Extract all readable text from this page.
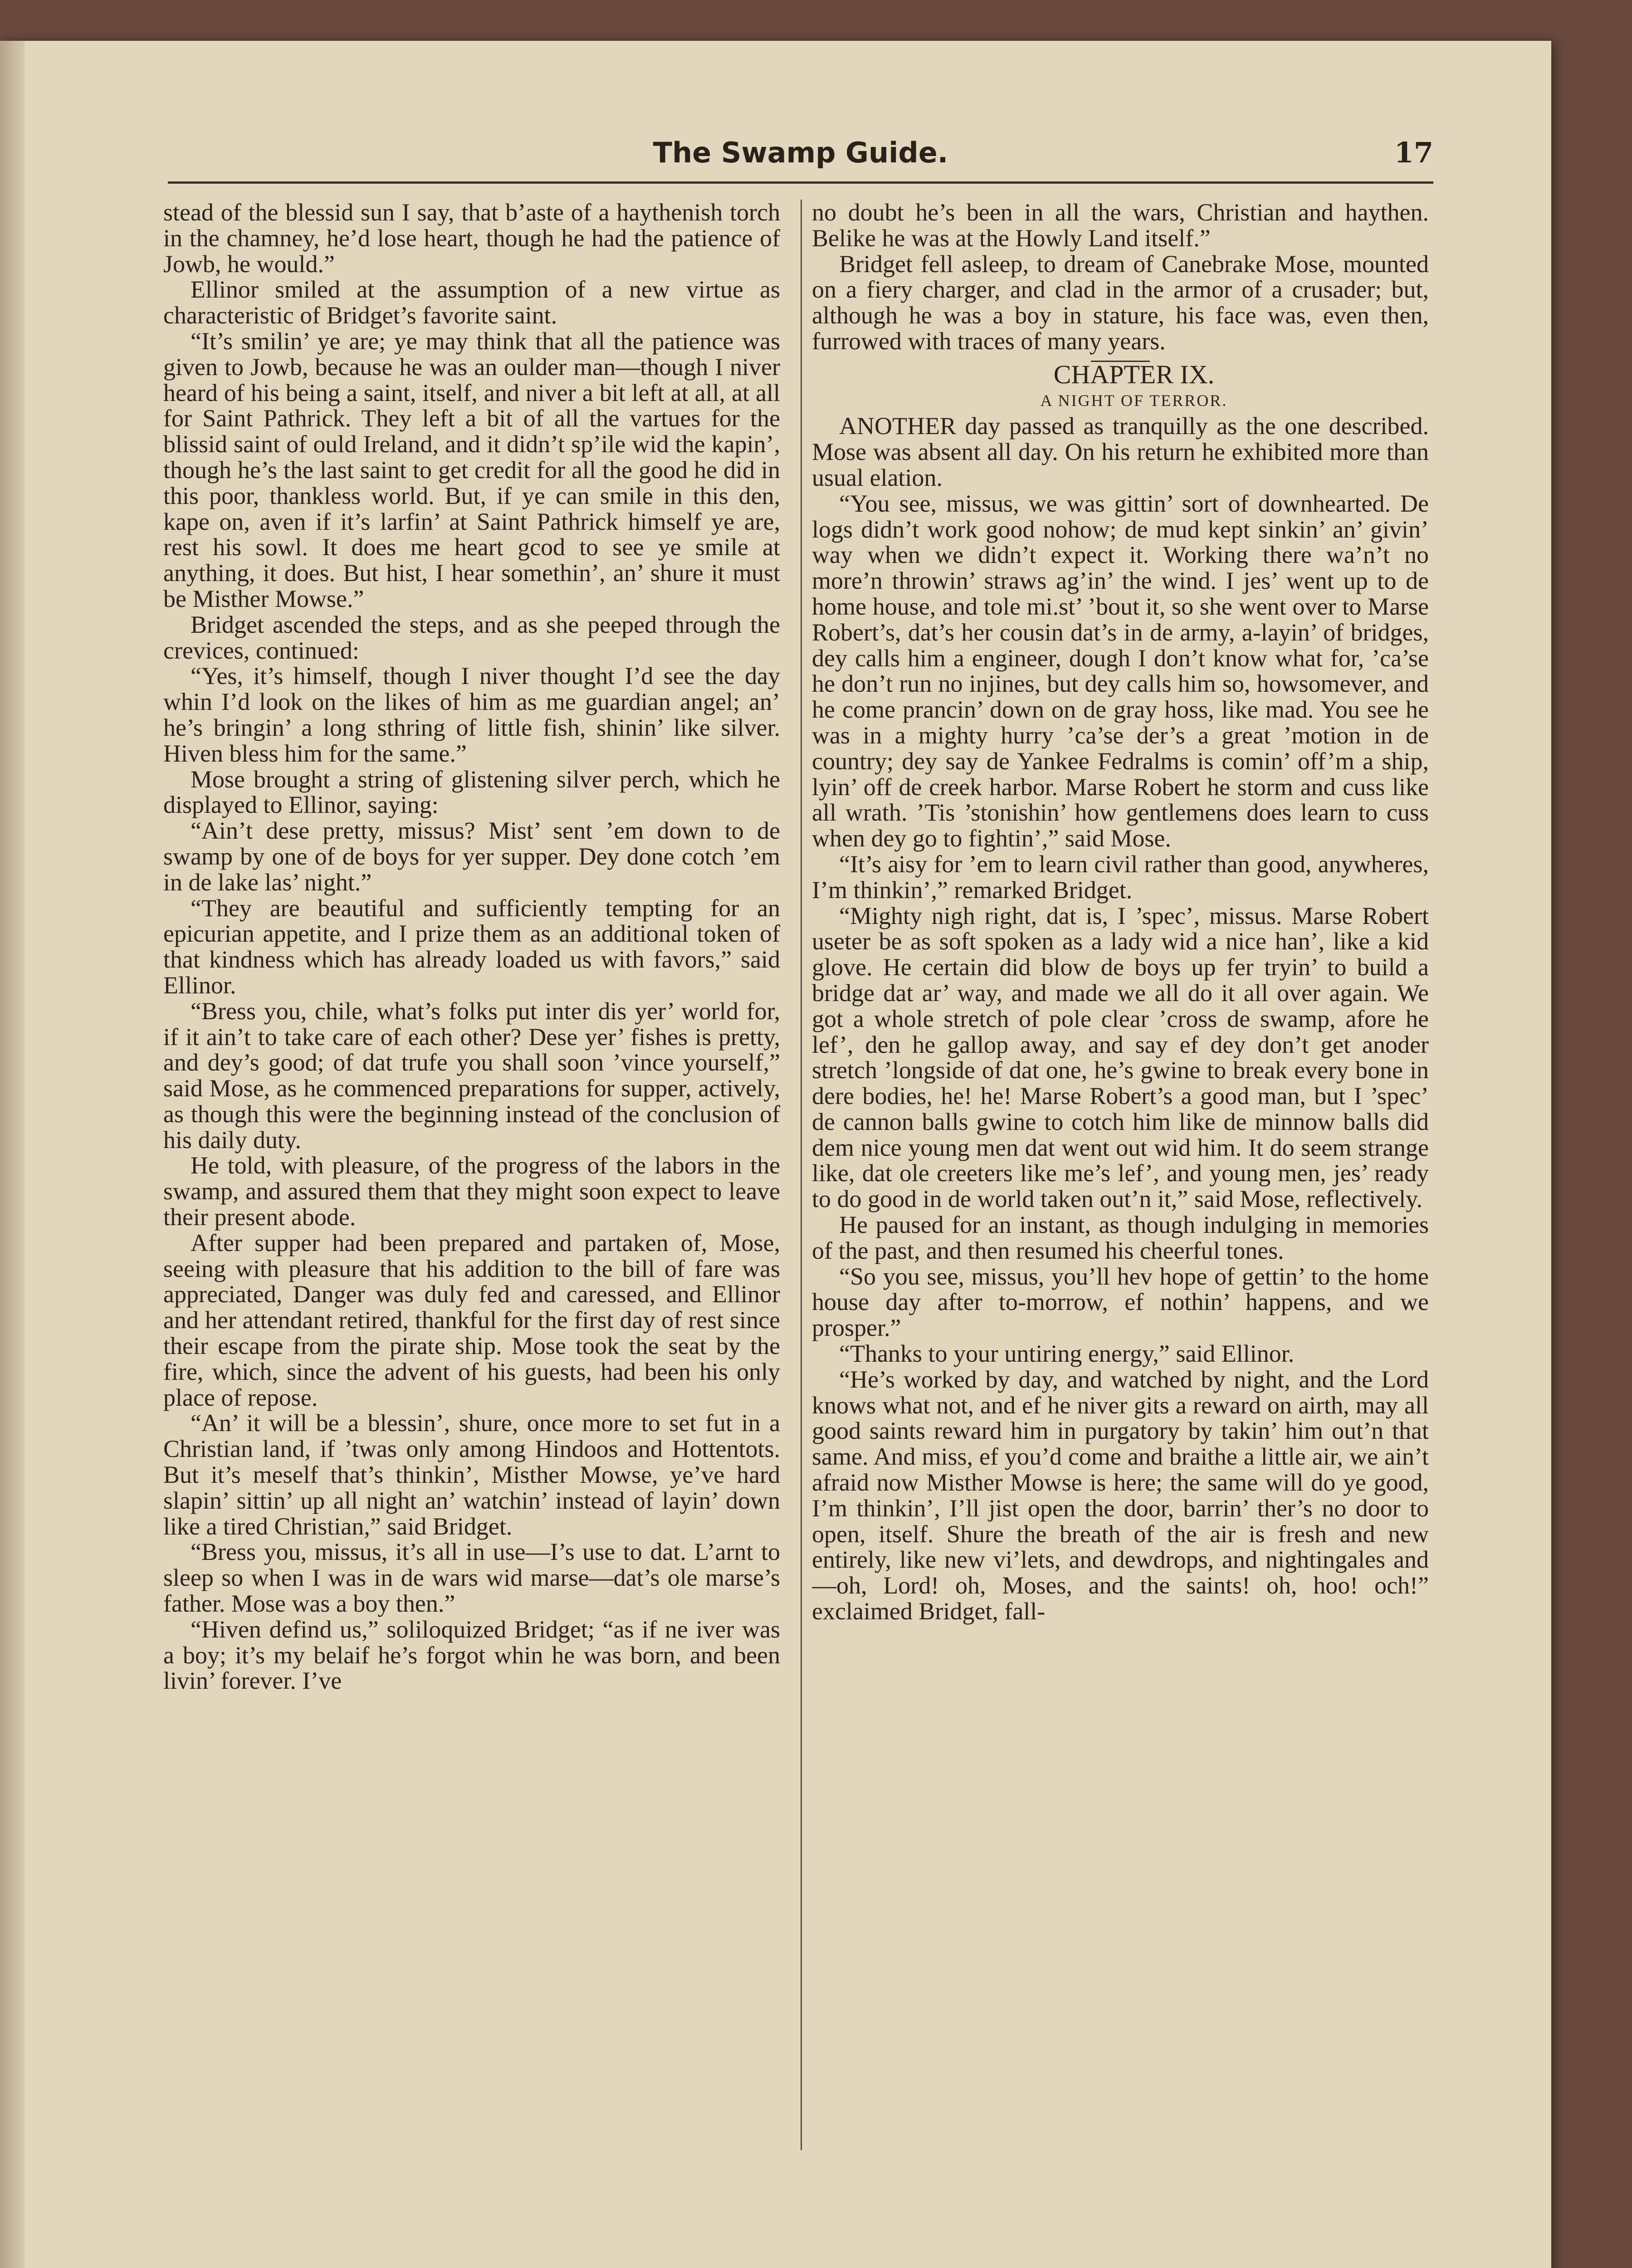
The Swamp Guide.	17

stead of the blessid sun I say, that b’aste of a haythenish torch in the chamney, he’d lose heart, though he had the patience of Jowb, he would.”

Ellinor smiled at the assumption of a new virtue as characteristic of Bridget’s favorite saint.

“It’s smilin’ ye are; ye may think that all the patience was given to Jowb, because he was an oulder man—though I niver heard of his being a saint, itself, and niver a bit left at all, at all for Saint Pathrick. They left a bit of all the vartues for the blissid saint of ould Ireland, and it didn’t sp’ile wid the kapin’, though he’s the last saint to get credit for all the good he did in this poor, thankless world. But, if ye can smile in this den, kape on, aven if it’s larfin’ at Saint Pathrick himself ye are, rest his sowl. It does me heart gcod to see ye smile at anything, it does. But hist, I hear somethin’, an’ shure it must be Misther Mowse.”

Bridget ascended the steps, and as she peeped through the crevices, continued:

“Yes, it’s himself, though I niver thought I’d see the day whin I’d look on the likes of him as me guardian angel; an’ he’s bringin’ a long sthring of little fish, shinin’ like silver. Hiven bless him for the same.”

Mose brought a string of glistening silver perch, which he displayed to Ellinor, saying:

“Ain’t dese pretty, missus? Mist’ sent ’em down to de swamp by one of de boys for yer supper. Dey done cotch ’em in de lake las’ night.”

“They are beautiful and sufficiently tempting for an epicurian appetite, and I prize them as an additional token of that kindness which has already loaded us with favors,” said Ellinor.

“Bress you, chile, what’s folks put inter dis yer’ world for, if it ain’t to take care of each other? Dese yer’ fishes is pretty, and dey’s good; of dat trufe you shall soon ’vince yourself,” said Mose, as he commenced preparations for supper, actively, as though this were the beginning instead of the conclusion of his daily duty.

He told, with pleasure, of the progress of the labors in the swamp, and assured them that they might soon expect to leave their present abode.

After supper had been prepared and partaken of, Mose, seeing with pleasure that his addition to the bill of fare was appreciated, Danger was duly fed and caressed, and Ellinor and her attendant retired, thankful for the first day of rest since their escape from the pirate ship. Mose took the seat by the fire, which, since the advent of his guests, had been his only place of repose.

“An’ it will be a blessin’, shure, once more to set fut in a Christian land, if ’twas only among Hindoos and Hottentots. But it’s meself that’s thinkin’, Misther Mowse, ye’ve hard slapin’ sittin’ up all night an’ watchin’ instead of layin’ down like a tired Christian,” said Bridget.

“Bress you, missus, it’s all in use—I’s use to dat. L’arnt to sleep so when I was in de wars wid marse—dat’s ole marse’s father. Mose was a boy then.”

“Hiven defind us,” soliloquized Bridget; “as if ne iver was a boy; it’s my belaif he’s forgot whin he was born, and been livin’ forever. I’ve

no doubt he’s been in all the wars, Christian and haythen. Belike he was at the Howly Land itself.”

Bridget fell asleep, to dream of Canebrake Mose, mounted on a fiery charger, and clad in the armor of a crusader; but, although he was a boy in stature, his face was, even then, furrowed with traces of many years.

CHAPTER IX.

A NIGHT OF TERROR.

ANOTHER day passed as tranquilly as the one described. Mose was absent all day. On his return he exhibited more than usual elation.

“You see, missus, we was gittin’ sort of downhearted. De logs didn’t work good nohow; de mud kept sinkin’ an’ givin’ way when we didn’t expect it. Working there wa’n’t no more’n throwin’ straws ag’in’ the wind. I jes’ went up to de home house, and tole mi.st’ ’bout it, so she went over to Marse Robert’s, dat’s her cousin dat’s in de army, a-layin’ of bridges, dey calls him a engineer, dough I don’t know what for, ’ca’se he don’t run no injines, but dey calls him so, howsomever, and he come prancin’ down on de gray hoss, like mad. You see he was in a mighty hurry ’ca’se der’s a great ’motion in de country; dey say de Yankee Fedralms is comin’ off’m a ship, lyin’ off de creek harbor. Marse Robert he storm and cuss like all wrath. ’Tis ’stonishin’ how gentlemens does learn to cuss when dey go to fightin’,” said Mose.

“It’s aisy for ’em to learn civil rather than good, anywheres, I’m thinkin’,” remarked Bridget.

“Mighty nigh right, dat is, I ’spec’, missus. Marse Robert useter be as soft spoken as a lady wid a nice han’, like a kid glove. He certain did blow de boys up fer tryin’ to build a bridge dat ar’ way, and made we all do it all over again. We got a whole stretch of pole clear ’cross de swamp, afore he lef’, den he gallop away, and say ef dey don’t get anoder stretch ’longside of dat one, he’s gwine to break every bone in dere bodies, he! he! Marse Robert’s a good man, but I ’spec’ de cannon balls gwine to cotch him like de minnow balls did dem nice young men dat went out wid him. It do seem strange like, dat ole creeters like me’s lef’, and young men, jes’ ready to do good in de world taken out’n it,” said Mose, reflectively.

He paused for an instant, as though indulging in memories of the past, and then resumed his cheerful tones.

“So you see, missus, you’ll hev hope of gettin’ to the home house day after to-morrow, ef nothin’ happens, and we prosper.”

“Thanks to your untiring energy,” said Ellinor.

“He’s worked by day, and watched by night, and the Lord knows what not, and ef he niver gits a reward on airth, may all good saints reward him in purgatory by takin’ him out’n that same. And miss, ef you’d come and braithe a little air, we ain’t afraid now Misther Mowse is here; the same will do ye good, I’m thinkin’, I’ll jist open the door, barrin’ ther’s no door to open, itself. Shure the breath of the air is fresh and new entirely, like new vi’lets, and dewdrops, and nightingales and—oh, Lord! oh, Moses, and the saints! oh, hoo! och!” exclaimed Bridget, fall-
